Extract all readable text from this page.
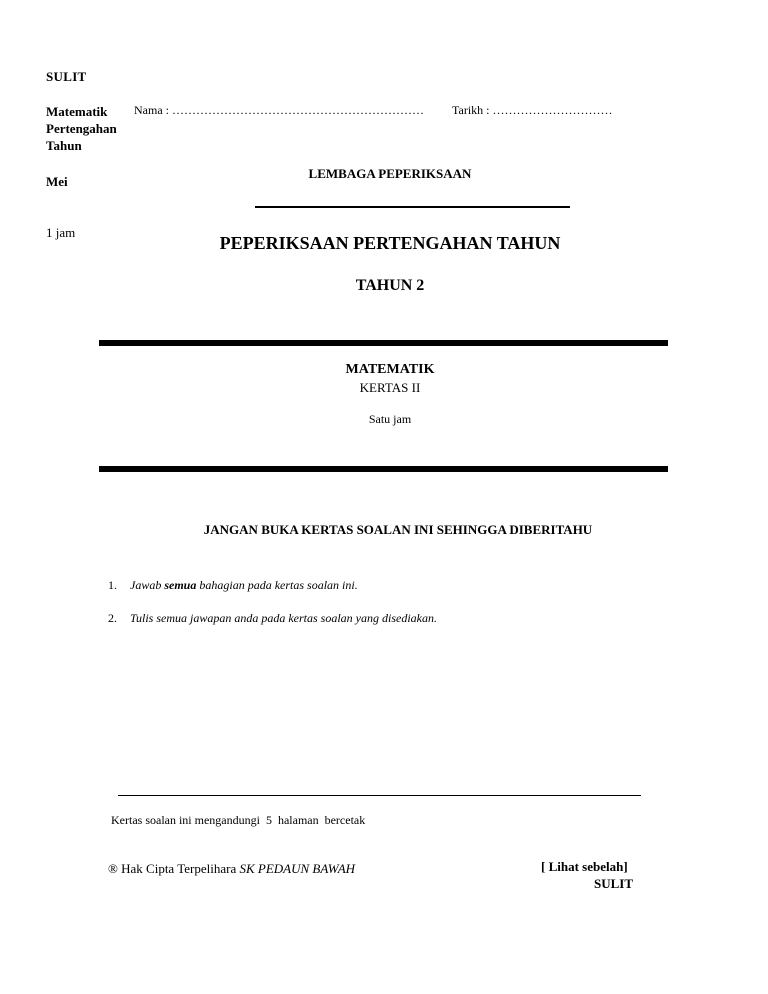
SULIT
Matematik
Pertengahan
Tahun
Mei
1 jam
Nama : ……………………………………………………… Tarikh : …………………………
LEMBAGA PEPERIKSAAN
PEPERIKSAAN PERTENGAHAN TAHUN
TAHUN 2
MATEMATIK
KERTAS II
Satu jam
JANGAN BUKA KERTAS SOALAN INI SEHINGGA DIBERITAHU
1. Jawab semua bahagian pada kertas soalan ini.
2. Tulis semua jawapan anda pada kertas soalan yang disediakan.
Kertas soalan ini mengandungi  5  halaman  bercetak
® Hak Cipta Terpelihara SK PEDAUN BAWAH	[ Lihat sebelah]
SULIT
